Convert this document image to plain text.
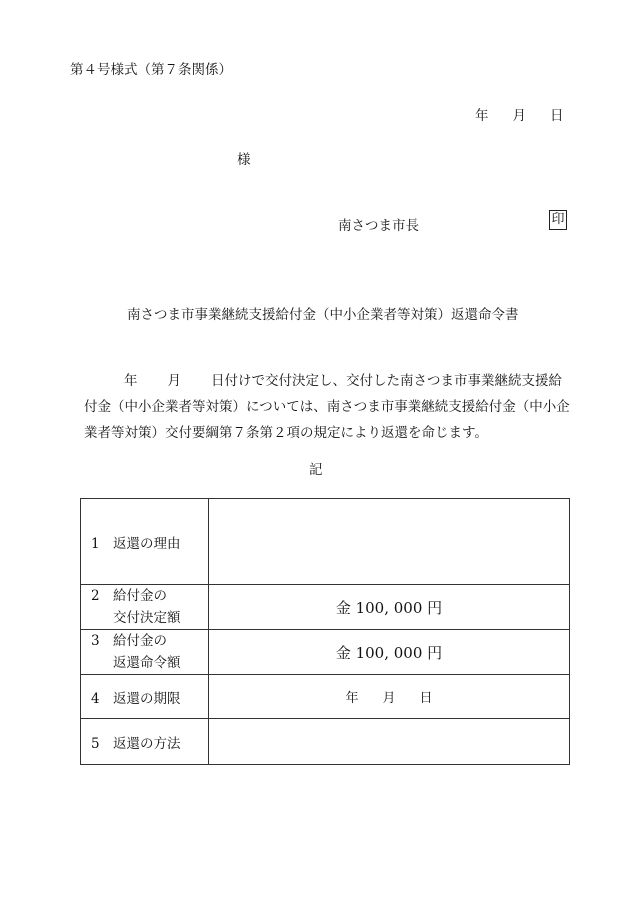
第４号様式（第７条関係）
年 月 日
様
南さつま市長	印
南さつま市事業継続支援給付金（中小企業者等対策）返還命令書
年 月 日付けで交付決定し、交付した南さつま市事業継続支援給付金（中小企業者等対策）については、南さつま市事業継続支援給付金（中小企業者等対策）交付要綱第７条第２項の規定により返還を命じます。
記
1 返還の理由	
2 給付金の
交付決定額	金 100, 000 円
3 給付金の
返還命令額	金 100, 000 円
4 返還の期限	年 月 日
5 返還の方法	
